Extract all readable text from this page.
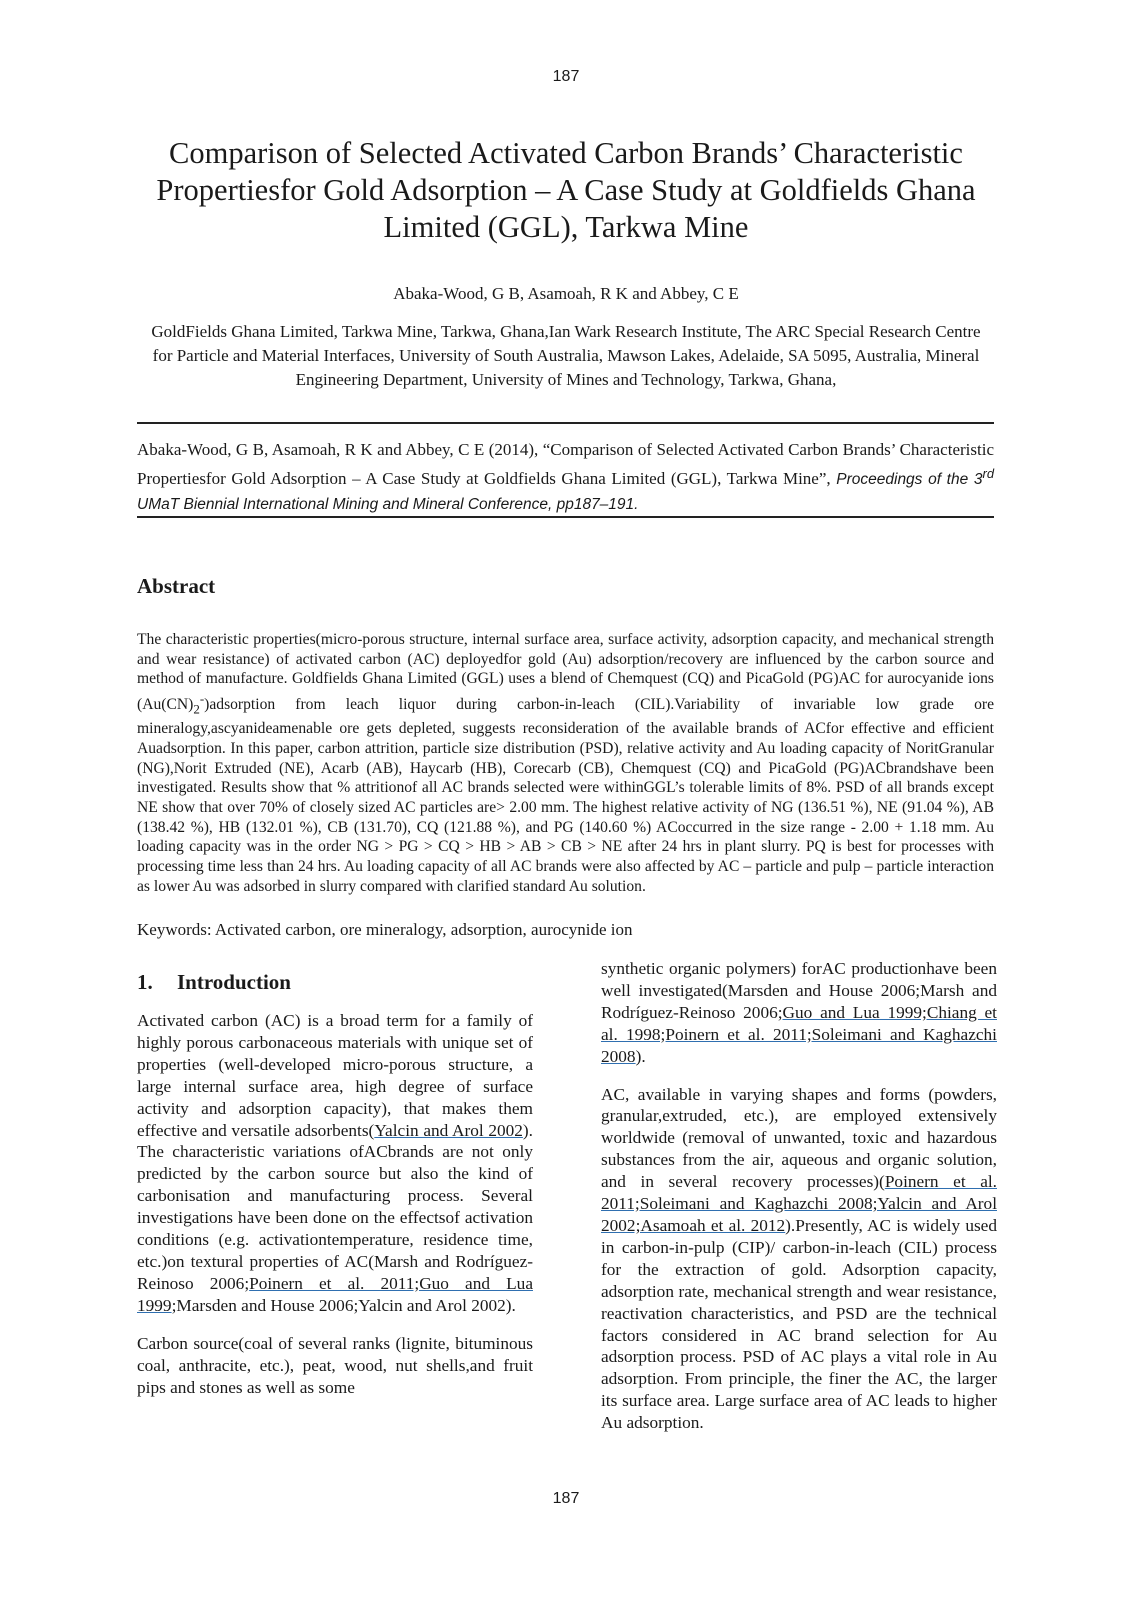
187
Comparison of Selected Activated Carbon Brands’ Characteristic Propertiesfor Gold Adsorption – A Case Study at Goldfields Ghana Limited (GGL), Tarkwa Mine
Abaka-Wood, G B, Asamoah, R K and Abbey, C E
GoldFields Ghana Limited, Tarkwa Mine, Tarkwa, Ghana,Ian Wark Research Institute, The ARC Special Research Centre for Particle and Material Interfaces, University of South Australia, Mawson Lakes, Adelaide, SA 5095, Australia, Mineral Engineering Department, University of Mines and Technology, Tarkwa, Ghana,
Abaka-Wood, G B, Asamoah, R K and Abbey, C E (2014), “Comparison of Selected Activated Carbon Brands’ Characteristic Propertiesfor Gold Adsorption – A Case Study at Goldfields Ghana Limited (GGL), Tarkwa Mine”, Proceedings of the 3rd UMaT Biennial International Mining and Mineral Conference, pp187–191.
Abstract
The characteristic properties(micro-porous structure, internal surface area, surface activity, adsorption capacity, and mechanical strength and wear resistance) of activated carbon (AC) deployedfor gold (Au) adsorption/recovery are influenced by the carbon source and method of manufacture. Goldfields Ghana Limited (GGL) uses a blend of Chemquest (CQ) and PicaGold (PG)AC for aurocyanide ions $(Au(CN)_2^-)adsorption$ from leach liquor during carbon-in-leach (CIL).Variability of invariable low grade ore mineralogy,ascyanideamenable ore gets depleted, suggests reconsideration of the available brands of ACfor effective and efficient Auadsorption. In this paper, carbon attrition, particle size distribution (PSD), relative activity and Au loading capacity of NoritGranular (NG),Norit Extruded (NE), Acarb (AB), Haycarb (HB), Corecarb (CB), Chemquest (CQ) and PicaGold (PG)ACbrandshave been investigated. Results show that % attritionof all AC brands selected were withinGGL’s tolerable limits of 8%. PSD of all brands except NE show that over 70% of closely sized AC particles are> 2.00 mm. The highest relative activity of NG (136.51 %), NE (91.04 %), AB (138.42 %), HB (132.01 %), CB (131.70), CQ (121.88 %), and PG (140.60 %) ACoccurred in the size range - 2.00 + 1.18 mm. Au loading capacity was in the order NG > PG > CQ > HB > AB > CB > NE after 24 hrs in plant slurry. PQ is best for processes with processing time less than 24 hrs. Au loading capacity of all AC brands were also affected by AC – particle and pulp – particle interaction as lower Au was adsorbed in slurry compared with clarified standard Au solution.
Keywords: Activated carbon, ore mineralogy, adsorption, aurocynide ion
1. Introduction

Activated carbon (AC) is a broad term for a family of highly porous carbonaceous materials with unique set of properties (well-developed micro-porous structure, a large internal surface area, high degree of surface activity and adsorption capacity), that makes them effective and versatile adsorbents(Yalcin and Arol 2002). The characteristic variations ofACbrands are not only predicted by the carbon source but also the kind of carbonisation and manufacturing process. Several investigations have been done on the effectsof activation conditions (e.g. activationtemperature, residence time, etc.)on textural properties of AC(Marsh and Rodríguez-Reinoso 2006;Poinern et al. 2011;Guo and Lua 1999;Marsden and House 2006;Yalcin and Arol 2002).

Carbon source(coal of several ranks (lignite, bituminous coal, anthracite, etc.), peat, wood, nut shells,and fruit pips and stones as well as some

synthetic organic polymers) forAC productionhave been well investigated(Marsden and House 2006;Marsh and Rodríguez-Reinoso 2006;Guo and Lua 1999;Chiang et al. 1998;Poinern et al. 2011;Soleimani and Kaghazchi 2008).

AC, available in varying shapes and forms (powders, granular,extruded, etc.), are employed extensively worldwide (removal of unwanted, toxic and hazardous substances from the air, aqueous and organic solution, and in several recovery processes)(Poinern et al. 2011;Soleimani and Kaghazchi 2008;Yalcin and Arol 2002;Asamoah et al. 2012).Presently, AC is widely used in carbon-in-pulp (CIP)/ carbon-in-leach (CIL) process for the extraction of gold. Adsorption capacity, adsorption rate, mechanical strength and wear resistance, reactivation characteristics, and PSD are the technical factors considered in AC brand selection for Au adsorption process. PSD of AC plays a vital role in Au adsorption. From principle, the finer the AC, the larger its surface area. Large surface area of AC leads to higher Au adsorption.

187
